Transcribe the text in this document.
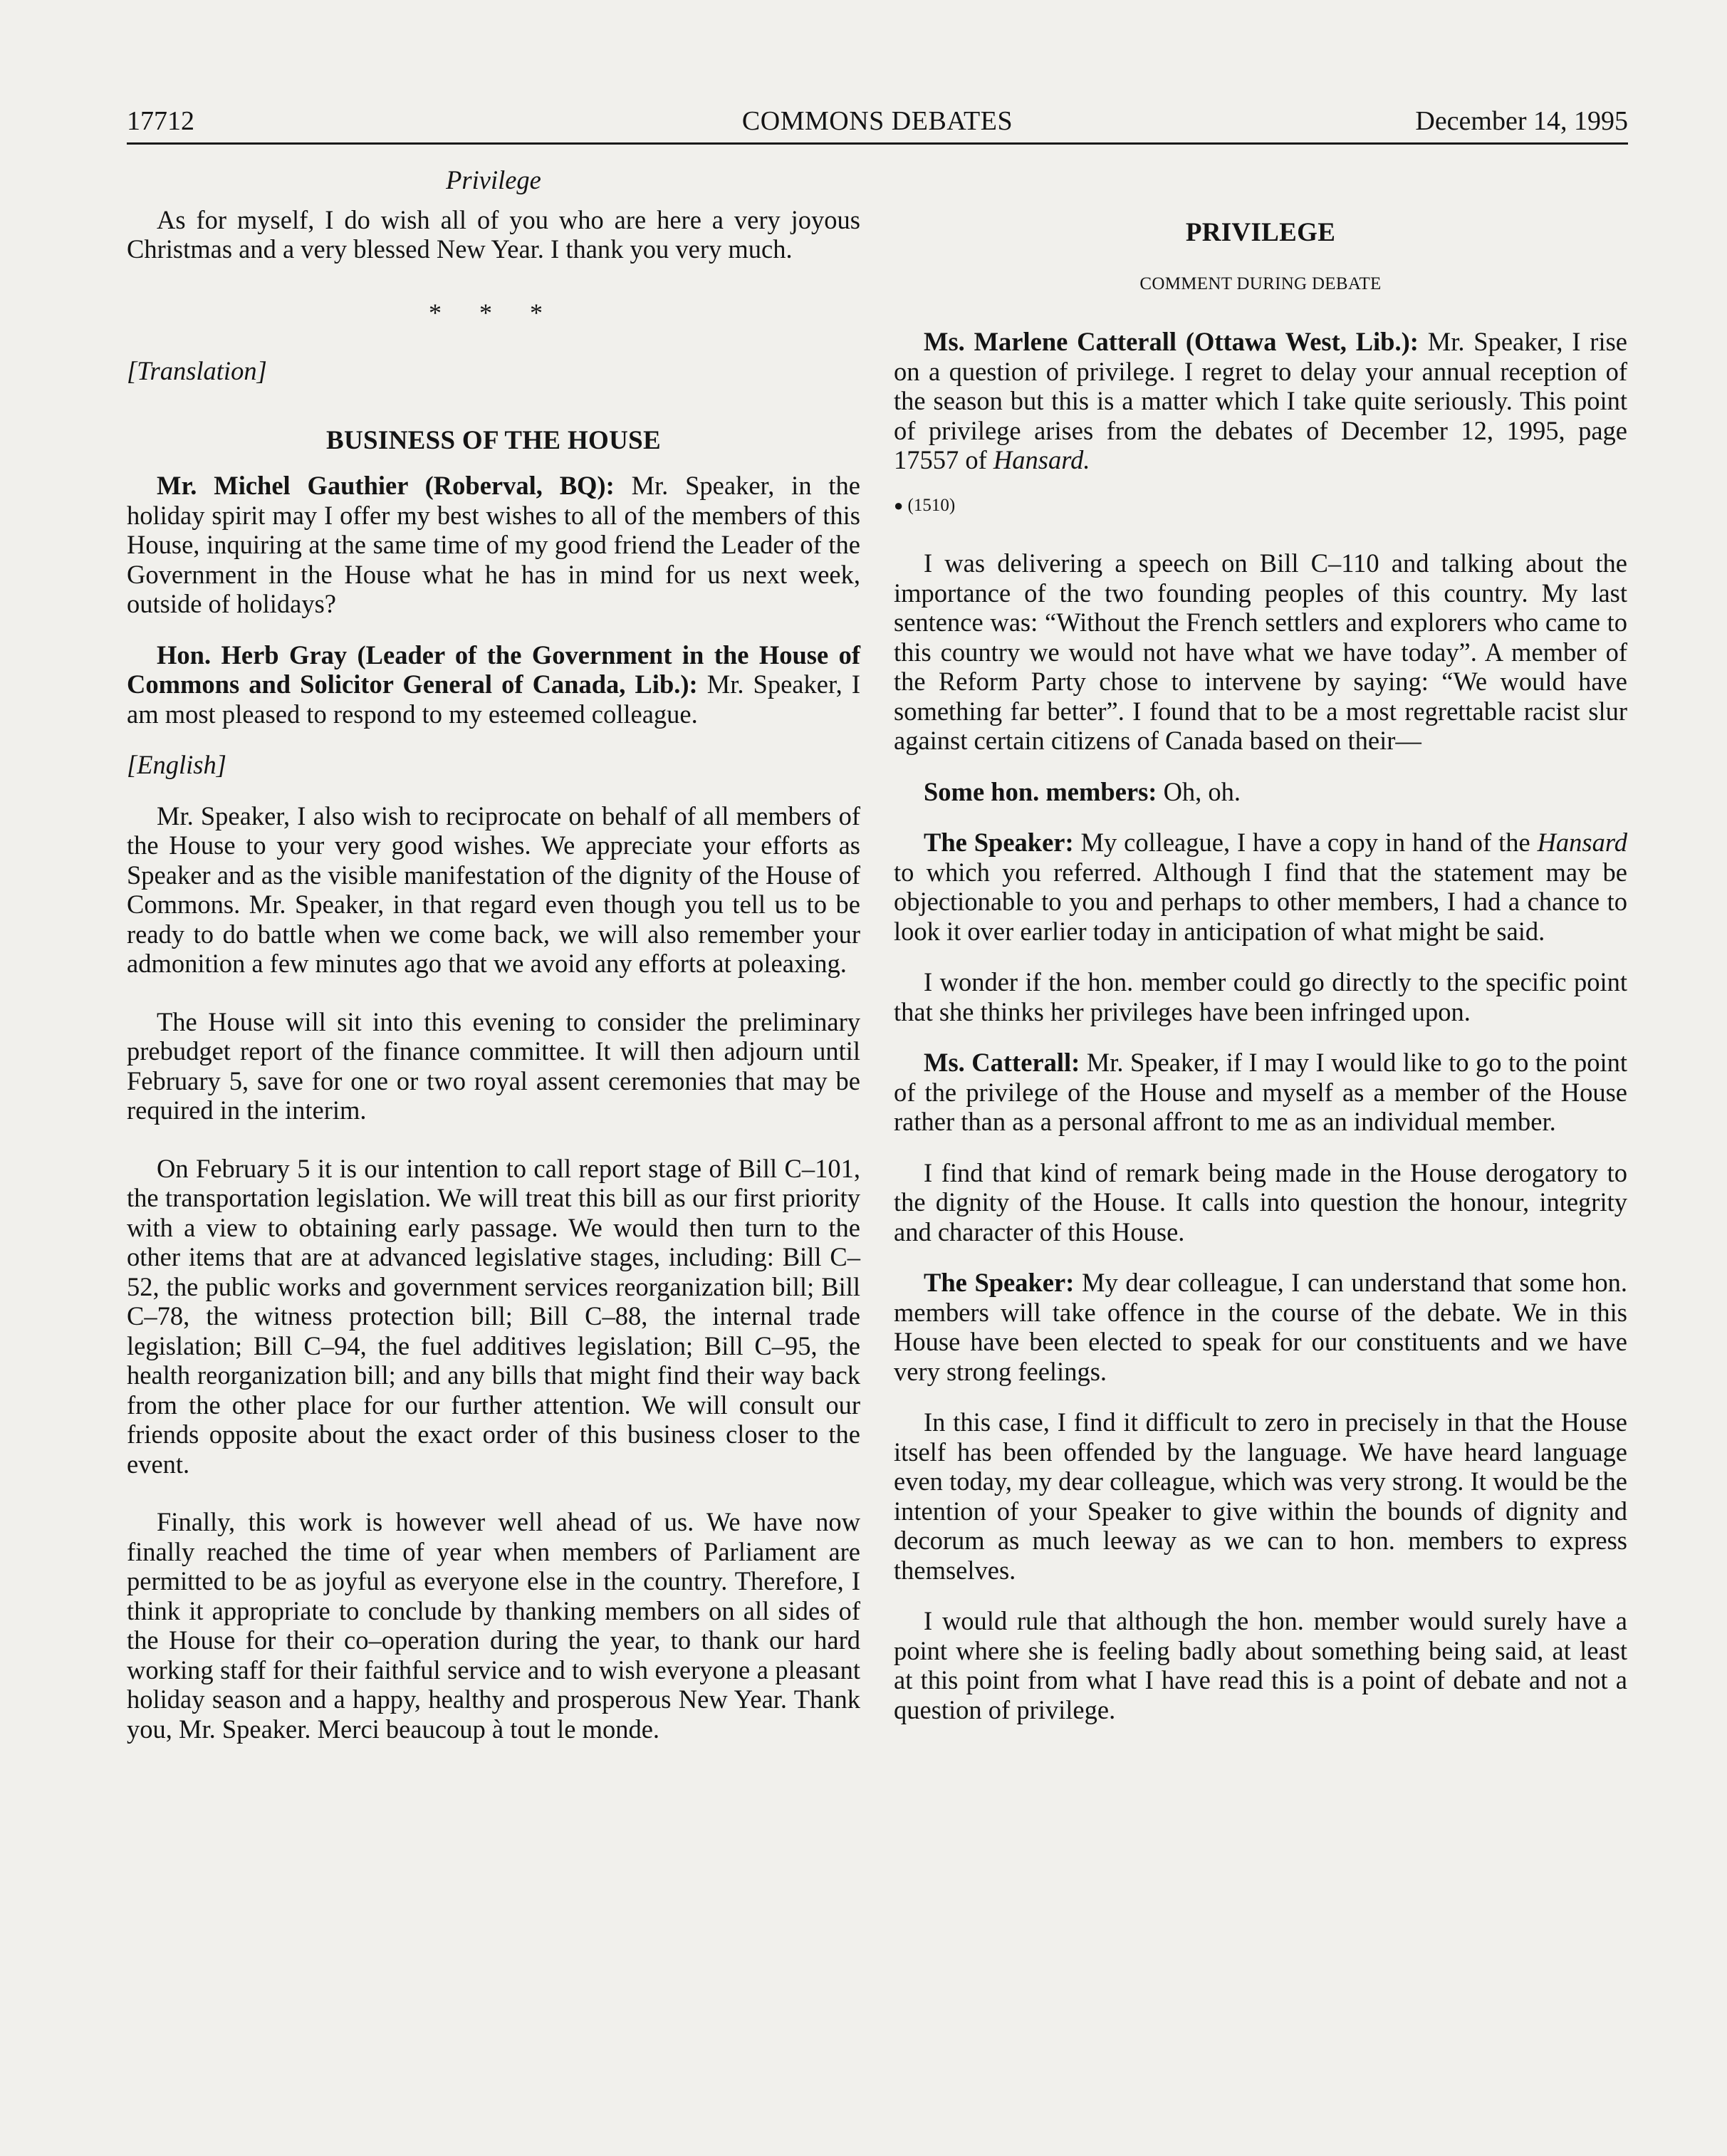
17712	COMMONS DEBATES	December 14, 1995

Privilege

As for myself, I do wish all of you who are here a very joyous Christmas and a very blessed New Year. I thank you very much.

* * *

[Translation]

BUSINESS OF THE HOUSE

Mr. Michel Gauthier (Roberval, BQ): Mr. Speaker, in the holiday spirit may I offer my best wishes to all of the members of this House, inquiring at the same time of my good friend the Leader of the Government in the House what he has in mind for us next week, outside of holidays?

Hon. Herb Gray (Leader of the Government in the House of Commons and Solicitor General of Canada, Lib.): Mr. Speaker, I am most pleased to respond to my esteemed colleague.

[English]

Mr. Speaker, I also wish to reciprocate on behalf of all members of the House to your very good wishes. We appreciate your efforts as Speaker and as the visible manifestation of the dignity of the House of Commons. Mr. Speaker, in that regard even though you tell us to be ready to do battle when we come back, we will also remember your admonition a few minutes ago that we avoid any efforts at poleaxing.

The House will sit into this evening to consider the preliminary prebudget report of the finance committee. It will then adjourn until February 5, save for one or two royal assent ceremonies that may be required in the interim.

On February 5 it is our intention to call report stage of Bill C–101, the transportation legislation. We will treat this bill as our first priority with a view to obtaining early passage. We would then turn to the other items that are at advanced legislative stages, including: Bill C–52, the public works and government services reorganization bill; Bill C–78, the witness protection bill; Bill C–88, the internal trade legislation; Bill C–94, the fuel additives legislation; Bill C–95, the health reorganization bill; and any bills that might find their way back from the other place for our further attention. We will consult our friends opposite about the exact order of this business closer to the event.

Finally, this work is however well ahead of us. We have now finally reached the time of year when members of Parliament are permitted to be as joyful as everyone else in the country. Therefore, I think it appropriate to conclude by thanking members on all sides of the House for their co–operation during the year, to thank our hard working staff for their faithful service and to wish everyone a pleasant holiday season and a happy, healthy and prosperous New Year. Thank you, Mr. Speaker. Merci beaucoup à tout le monde.

PRIVILEGE

COMMENT DURING DEBATE

Ms. Marlene Catterall (Ottawa West, Lib.): Mr. Speaker, I rise on a question of privilege. I regret to delay your annual reception of the season but this is a matter which I take quite seriously. This point of privilege arises from the debates of December 12, 1995, page 17557 of Hansard.

● (1510)

I was delivering a speech on Bill C–110 and talking about the importance of the two founding peoples of this country. My last sentence was: “Without the French settlers and explorers who came to this country we would not have what we have today”. A member of the Reform Party chose to intervene by saying: “We would have something far better”. I found that to be a most regrettable racist slur against certain citizens of Canada based on their—

Some hon. members: Oh, oh.

The Speaker: My colleague, I have a copy in hand of the Hansard to which you referred. Although I find that the statement may be objectionable to you and perhaps to other members, I had a chance to look it over earlier today in anticipation of what might be said.

I wonder if the hon. member could go directly to the specific point that she thinks her privileges have been infringed upon.

Ms. Catterall: Mr. Speaker, if I may I would like to go to the point of the privilege of the House and myself as a member of the House rather than as a personal affront to me as an individual member.

I find that kind of remark being made in the House derogatory to the dignity of the House. It calls into question the honour, integrity and character of this House.

The Speaker: My dear colleague, I can understand that some hon. members will take offence in the course of the debate. We in this House have been elected to speak for our constituents and we have very strong feelings.

In this case, I find it difficult to zero in precisely in that the House itself has been offended by the language. We have heard language even today, my dear colleague, which was very strong. It would be the intention of your Speaker to give within the bounds of dignity and decorum as much leeway as we can to hon. members to express themselves.

I would rule that although the hon. member would surely have a point where she is feeling badly about something being said, at least at this point from what I have read this is a point of debate and not a question of privilege.
